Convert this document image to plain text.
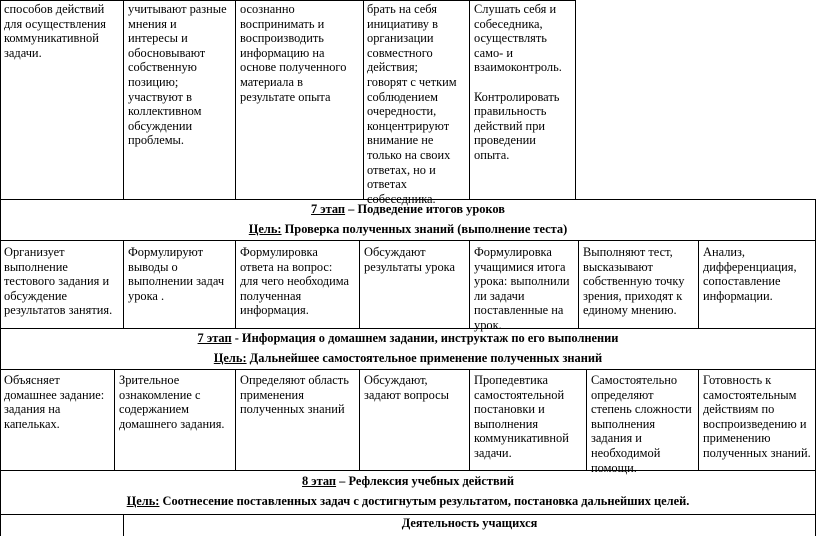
способов действий
для осуществления
коммуникативной
задачи.
учитывают разные
мнения и
интересы и
обосновывают
собственную
позицию;
участвуют в
коллективном
обсуждении
проблемы.
осознанно
воспринимать и
воспроизводить
информацию на
основе полученного
материала в
результате опыта
брать на себя
инициативу в
организации
совместного
действия;
говорят с четким
соблюдением
очередности,
концентрируют
внимание не
только на своих
ответах, но и
ответах
собеседника.
Слушать себя и
собеседника,
осуществлять
само- и
взаимоконтроль.

Контролировать
правильность
действий при
проведении
опыта.
7 этап – Подведение итогов уроков
Цель: Проверка полученных знаний (выполнение теста)
Организует
выполнение
тестового задания и
обсуждение
результатов занятия.
Формулируют
выводы о
выполнении задач
урока .
Формулировка
ответа на вопрос:
для чего необходима
полученная
информация.
Обсуждают
результаты урока
Формулировка
учащимися итога
урока: выполнили
ли задачи
поставленные на
урок.
Выполняют тест,
высказывают
собственную точку
зрения, приходят к
единому мнению.
Анализ,
дифференциация,
сопоставление
информации.
7 этап - Информация о домашнем задании, инструктаж по его выполнении
Цель: Дальнейшее самостоятельное применение полученных знаний
Объясняет
домашнее задание:
задания на
капельках.
Зрительное
ознакомление с
содержанием
домашнего задания.
Определяют область
применения
полученных знаний
Обсуждают,
задают вопросы
Пропедевтика
самостоятельной
постановки и
выполнения
коммуникативной
задачи.
Самостоятельно
определяют
степень сложности
выполнения
задания и
необходимой
помощи.
Готовность к
самостоятельным
действиям по
воспроизведению и
применению
полученных знаний.
8 этап – Рефлексия учебных действий
Цель: Соотнесение поставленных задач с достигнутым результатом, постановка дальнейших целей.
Деятельность учащихся
